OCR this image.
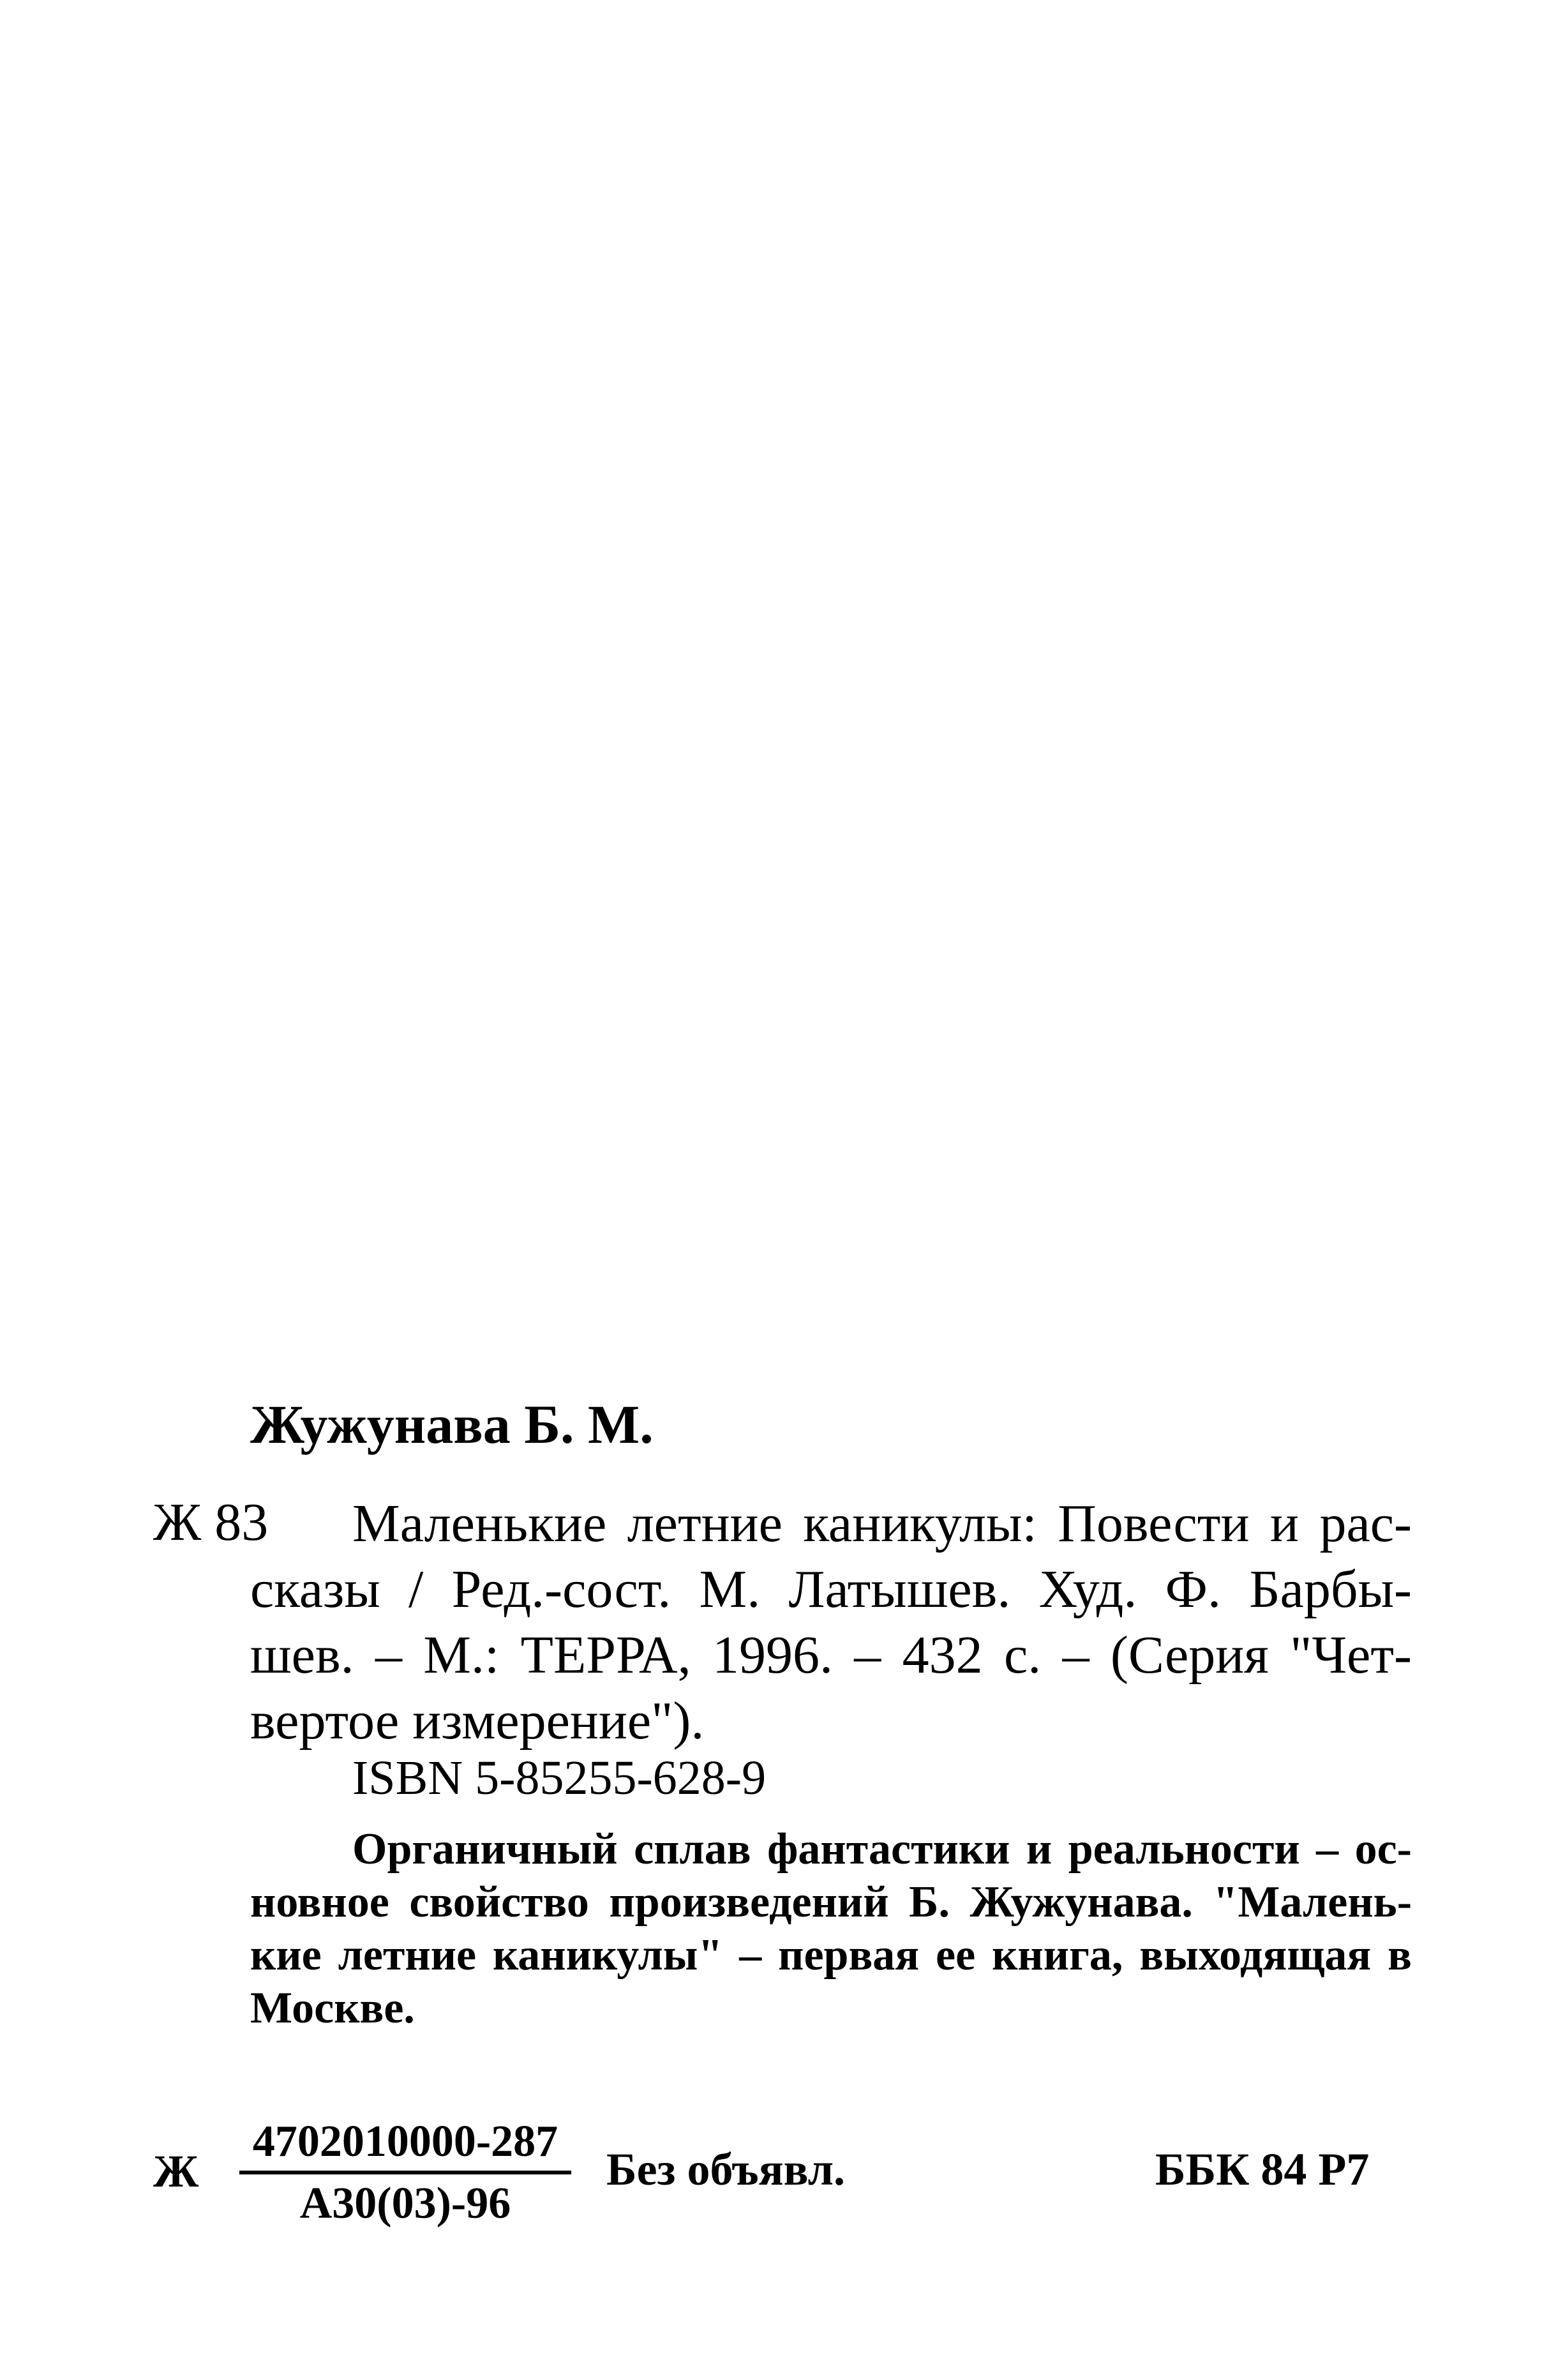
Жужунава Б. М.
Ж 83	Маленькие летние каникулы: Повести и рас-
сказы / Ред.-сост. М. Латышев. Худ. Ф. Барбы-
шев. – М.: ТЕРРА, 1996. – 432 с. – (Серия "Чет-
вертое измерение").
ISBN 5-85255-628-9
Органичный сплав фантастики и реальности – ос-
новное свойство произведений Б. Жужунава. "Малень-
кие летние каникулы" – первая ее книга, выходящая в
Москве.
Ж
4702010000-287
А30(03)-96
Без объявл.	ББК 84 Р7
